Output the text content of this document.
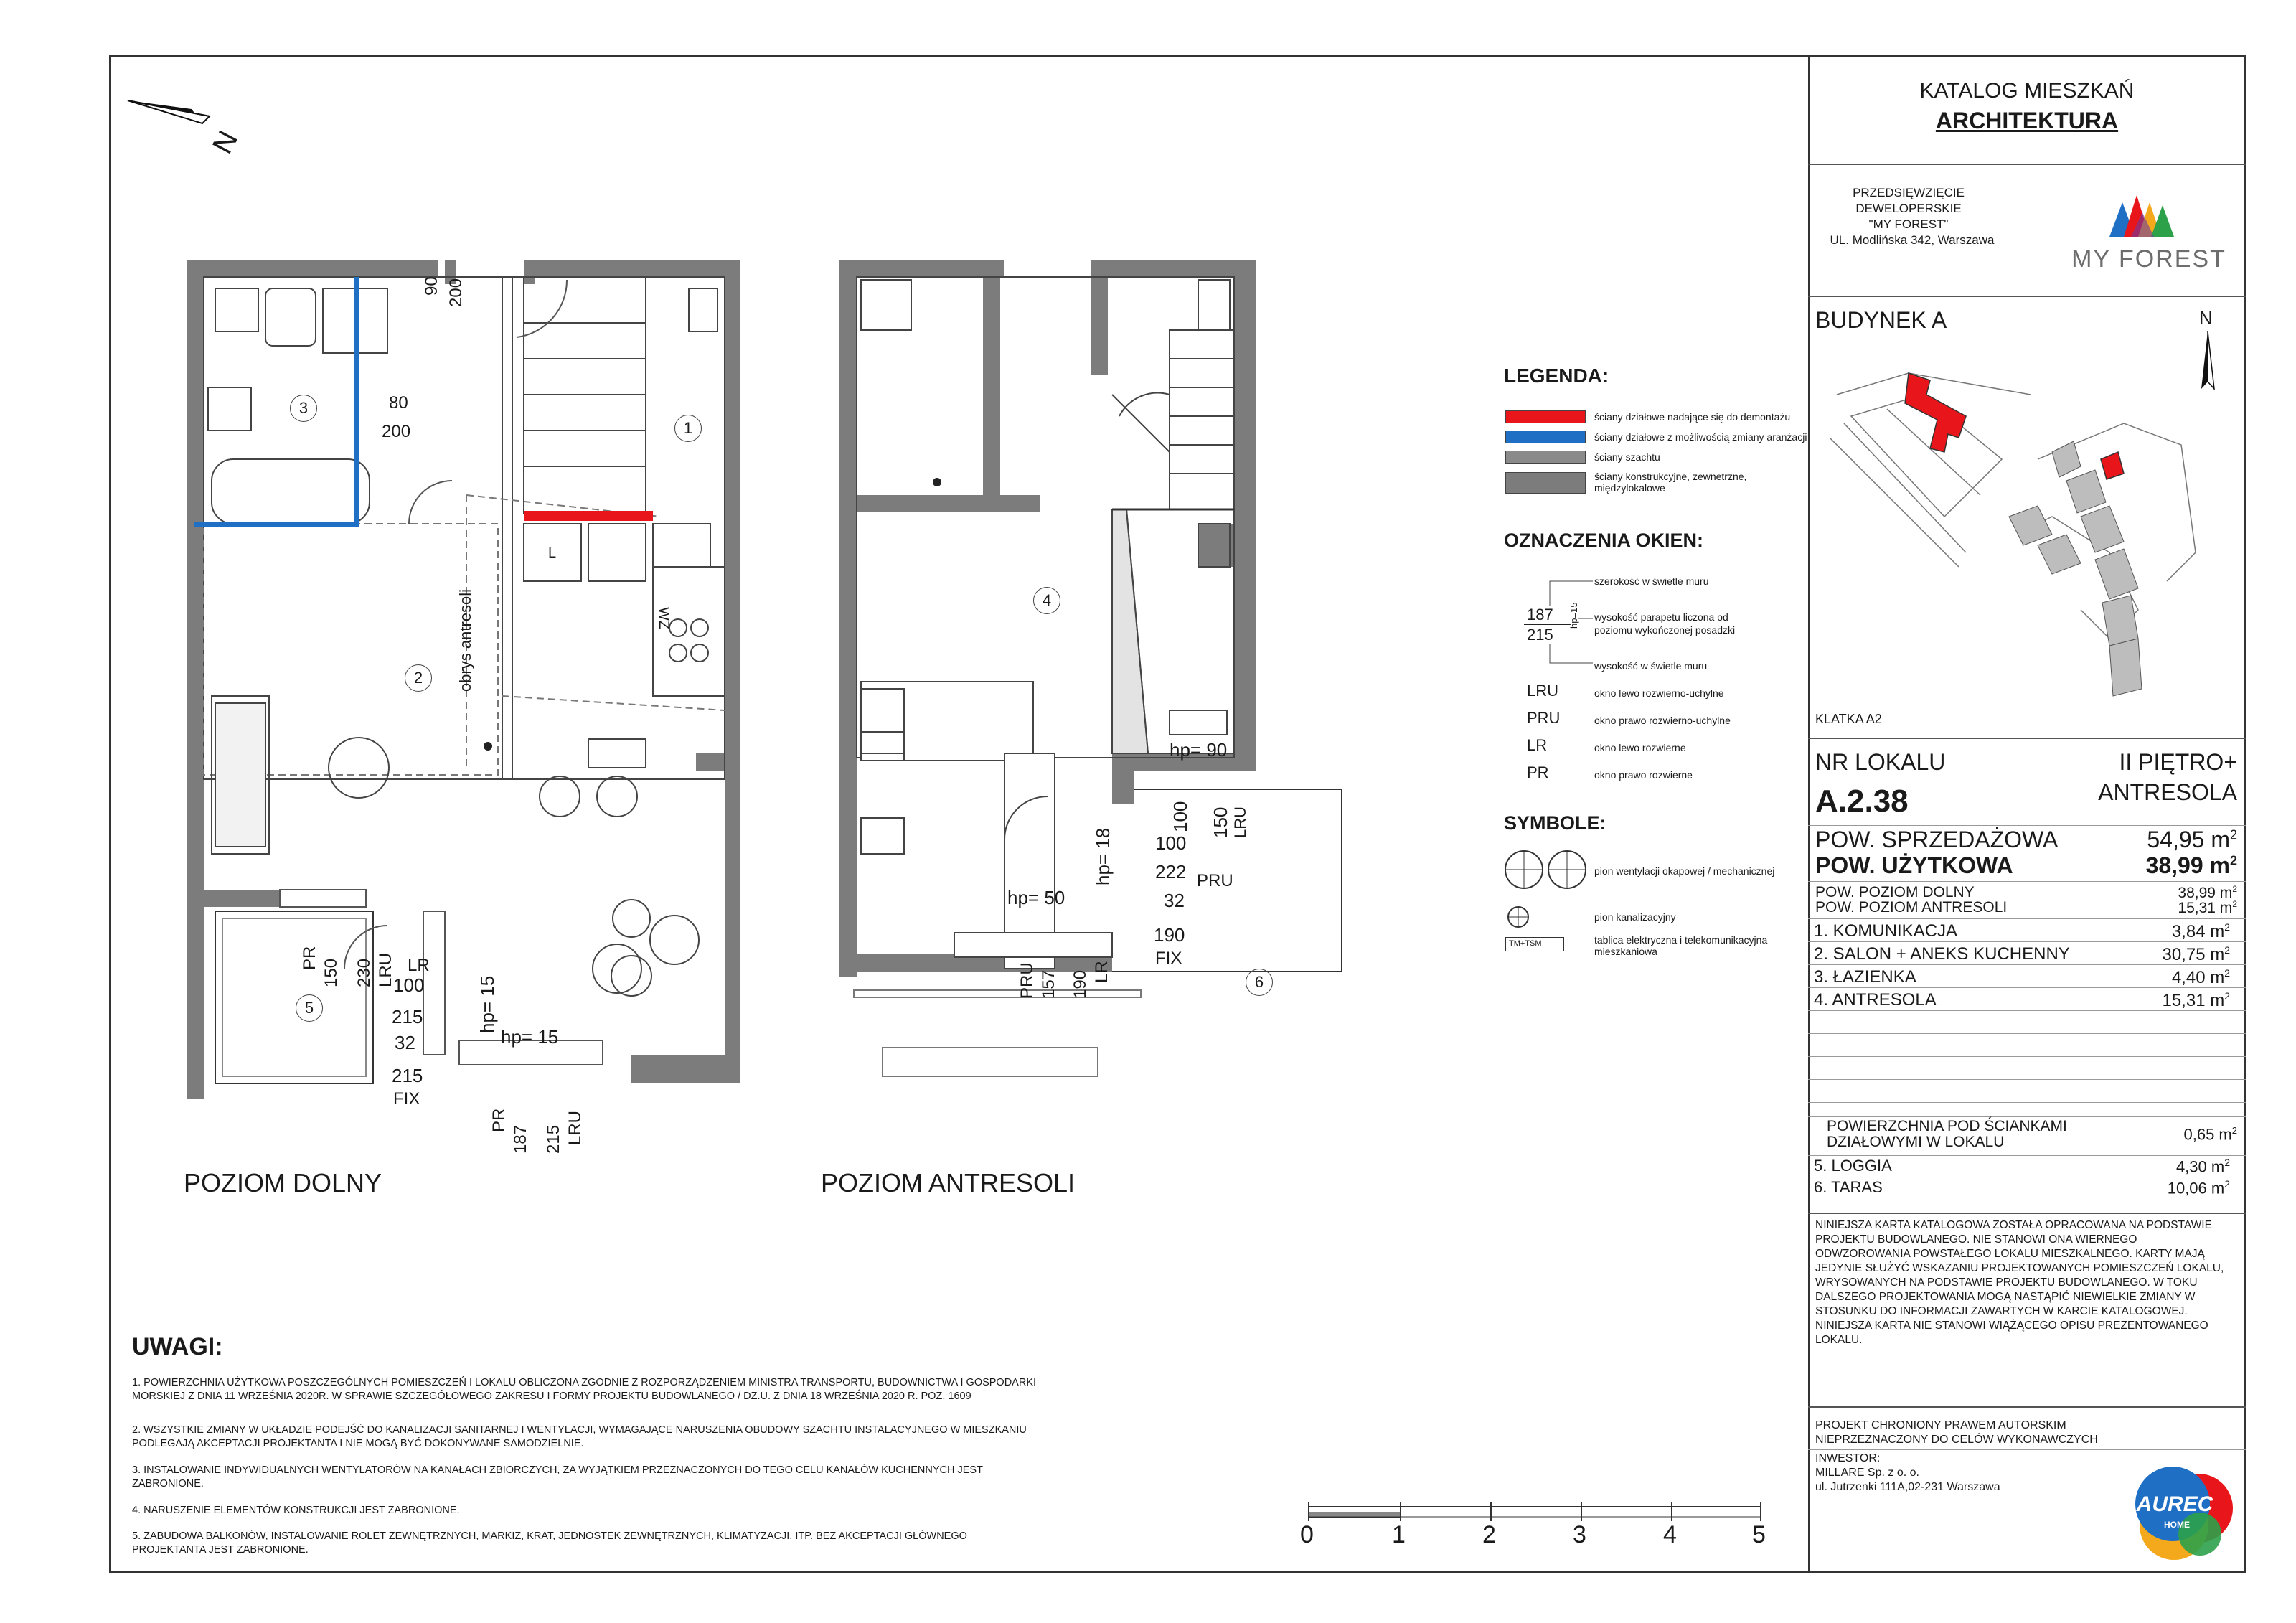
KATALOG MIESZKAŃ
ARCHITEKTURA
PRZEDSIĘWZIĘCIE
DEWELOPERSKIE
"MY FOREST"
UL. Modlińska 342, Warszawa
MY FOREST
BUDYNEK A	N
KLATKA A2
NR LOKALU	II PIĘTRO+
A.2.38	ANTRESOLA
POW. SPRZEDAŻOWA	54,95 $m^2$
POW. UŻYTKOWA	38,99 $m^2$
POW. POZIOM DOLNY	38,99 $m^2$
POW. POZIOM ANTRESOLI	15,31 $m^2$
1. KOMUNIKACJA	3,84 $m^2$
2. SALON + ANEKS KUCHENNY	30,75 $m^2$
3. ŁAZIENKA	4,40 $m^2$
4. ANTRESOLA	15,31 $m^2$
POWIERZCHNIA POD ŚCIANKAMI
DZIAŁOWYMI W LOKALU	0,65 $m^2$
5. LOGGIA	4,30 $m^2$
6. TARAS	10,06 $m^2$
NINIEJSZA KARTA KATALOGOWA ZOSTAŁA OPRACOWANA NA PODSTAWIE PROJEKTU BUDOWLANEGO. NIE STANOWI ONA WIERNEGO ODWZOROWANIA POWSTAŁEGO LOKALU MIESZKALNEGO. KARTY MAJĄ JEDYNIE SŁUŻYĆ WSKAZANIU PROJEKTOWANYCH POMIESZCZEŃ LOKALU, WRYSOWANYCH NA PODSTAWIE PROJEKTU BUDOWLANEGO. W TOKU DALSZEGO PROJEKTOWANIA MOGĄ NASTĄPIĆ NIEWIELKIE ZMIANY W STOSUNKU DO INFORMACJI ZAWARTYCH W KARCIE KATALOGOWEJ. NINIEJSZA KARTA NIE STANOWI WIĄŻĄCEGO OPISU PREZENTOWANEGO LOKALU.
PROJEKT CHRONIONY PRAWEM AUTORSKIM
NIEPRZEZNACZONY DO CELÓW WYKONAWCZYCH
INWESTOR:
MILLARE Sp. z o. o.
ul. Jutrzenki 111A,02-231 Warszawa
AUREC
HOME
LEGENDA:
ściany działowe nadające się do demontażu
ściany działowe z możliwością zmiany aranżacji
ściany szachtu
ściany konstrukcyjne, zewnetrzne, międzylokalowe
OZNACZENIA OKIEN:
szerokość w świetle muru
wysokość parapetu liczona od
poziomu wykończonej posadzki
wysokość w świetle muru
187
215
hp=15
LRU	okno lewo rozwierno-uchylne
PRU	okno prawo rozwierno-uchylne
LR	okno lewo rozwierne
PR	okno prawo rozwierne
SYMBOLE:
pion wentylacji okapowej / mechanicznej
pion kanalizacyjny
TM+TSM	tablica elektryczna i telekomunikacyjna mieszkaniowa
N
90 200
80
200
PR
150 230 LRU LR
100
215
32
215
FIX
hp= 15
hp= 15
PR
187 215 LRU
obrys antresoli
L
WZ
3
1
2
5
POZIOM DOLNY
4
6
hp= 90
100 150 LRU
100
222 PRU
32
190
FIX
hp= 18
hp= 50
PRU 157 190 LR
POZIOM ANTRESOLI
UWAGI:
1. POWIERZCHNIA UŻYTKOWA POSZCZEGÓLNYCH POMIESZCZEŃ I LOKALU OBLICZONA ZGODNIE Z ROZPORZĄDZENIEM MINISTRA TRANSPORTU, BUDOWNICTWA I GOSPODARKI MORSKIEJ Z DNIA 11 WRZEŚNIA 2020R. W SPRAWIE SZCZEGÓŁOWEGO ZAKRESU I FORMY PROJEKTU BUDOWLANEGO / DZ.U. Z DNIA 18 WRZEŚNIA 2020 R. POZ. 1609
2. WSZYSTKIE ZMIANY W UKŁADZIE PODEJŚĆ DO KANALIZACJI SANITARNEJ I WENTYLACJI, WYMAGAJĄCE NARUSZENIA OBUDOWY SZACHTU INSTALACYJNEGO W MIESZKANIU PODLEGAJĄ AKCEPTACJI PROJEKTANTA I NIE MOGĄ BYĆ DOKONYWANE SAMODZIELNIE.
3. INSTALOWANIE INDYWIDUALNYCH WENTYLATORÓW NA KANAŁACH ZBIORCZYCH, ZA WYJĄTKIEM PRZEZNACZONYCH DO TEGO CELU KANAŁÓW KUCHENNYCH JEST ZABRONIONE.
4. NARUSZENIE ELEMENTÓW KONSTRUKCJI JEST ZABRONIONE.
5. ZABUDOWA BALKONÓW, INSTALOWANIE ROLET ZEWNĘTRZNYCH, MARKIZ, KRAT, JEDNOSTEK ZEWNĘTRZNYCH, KLIMATYZACJI, ITP. BEZ AKCEPTACJI GŁÓWNEGO PROJEKTANTA JEST ZABRONIONE.
0	1	2	3	4	5
